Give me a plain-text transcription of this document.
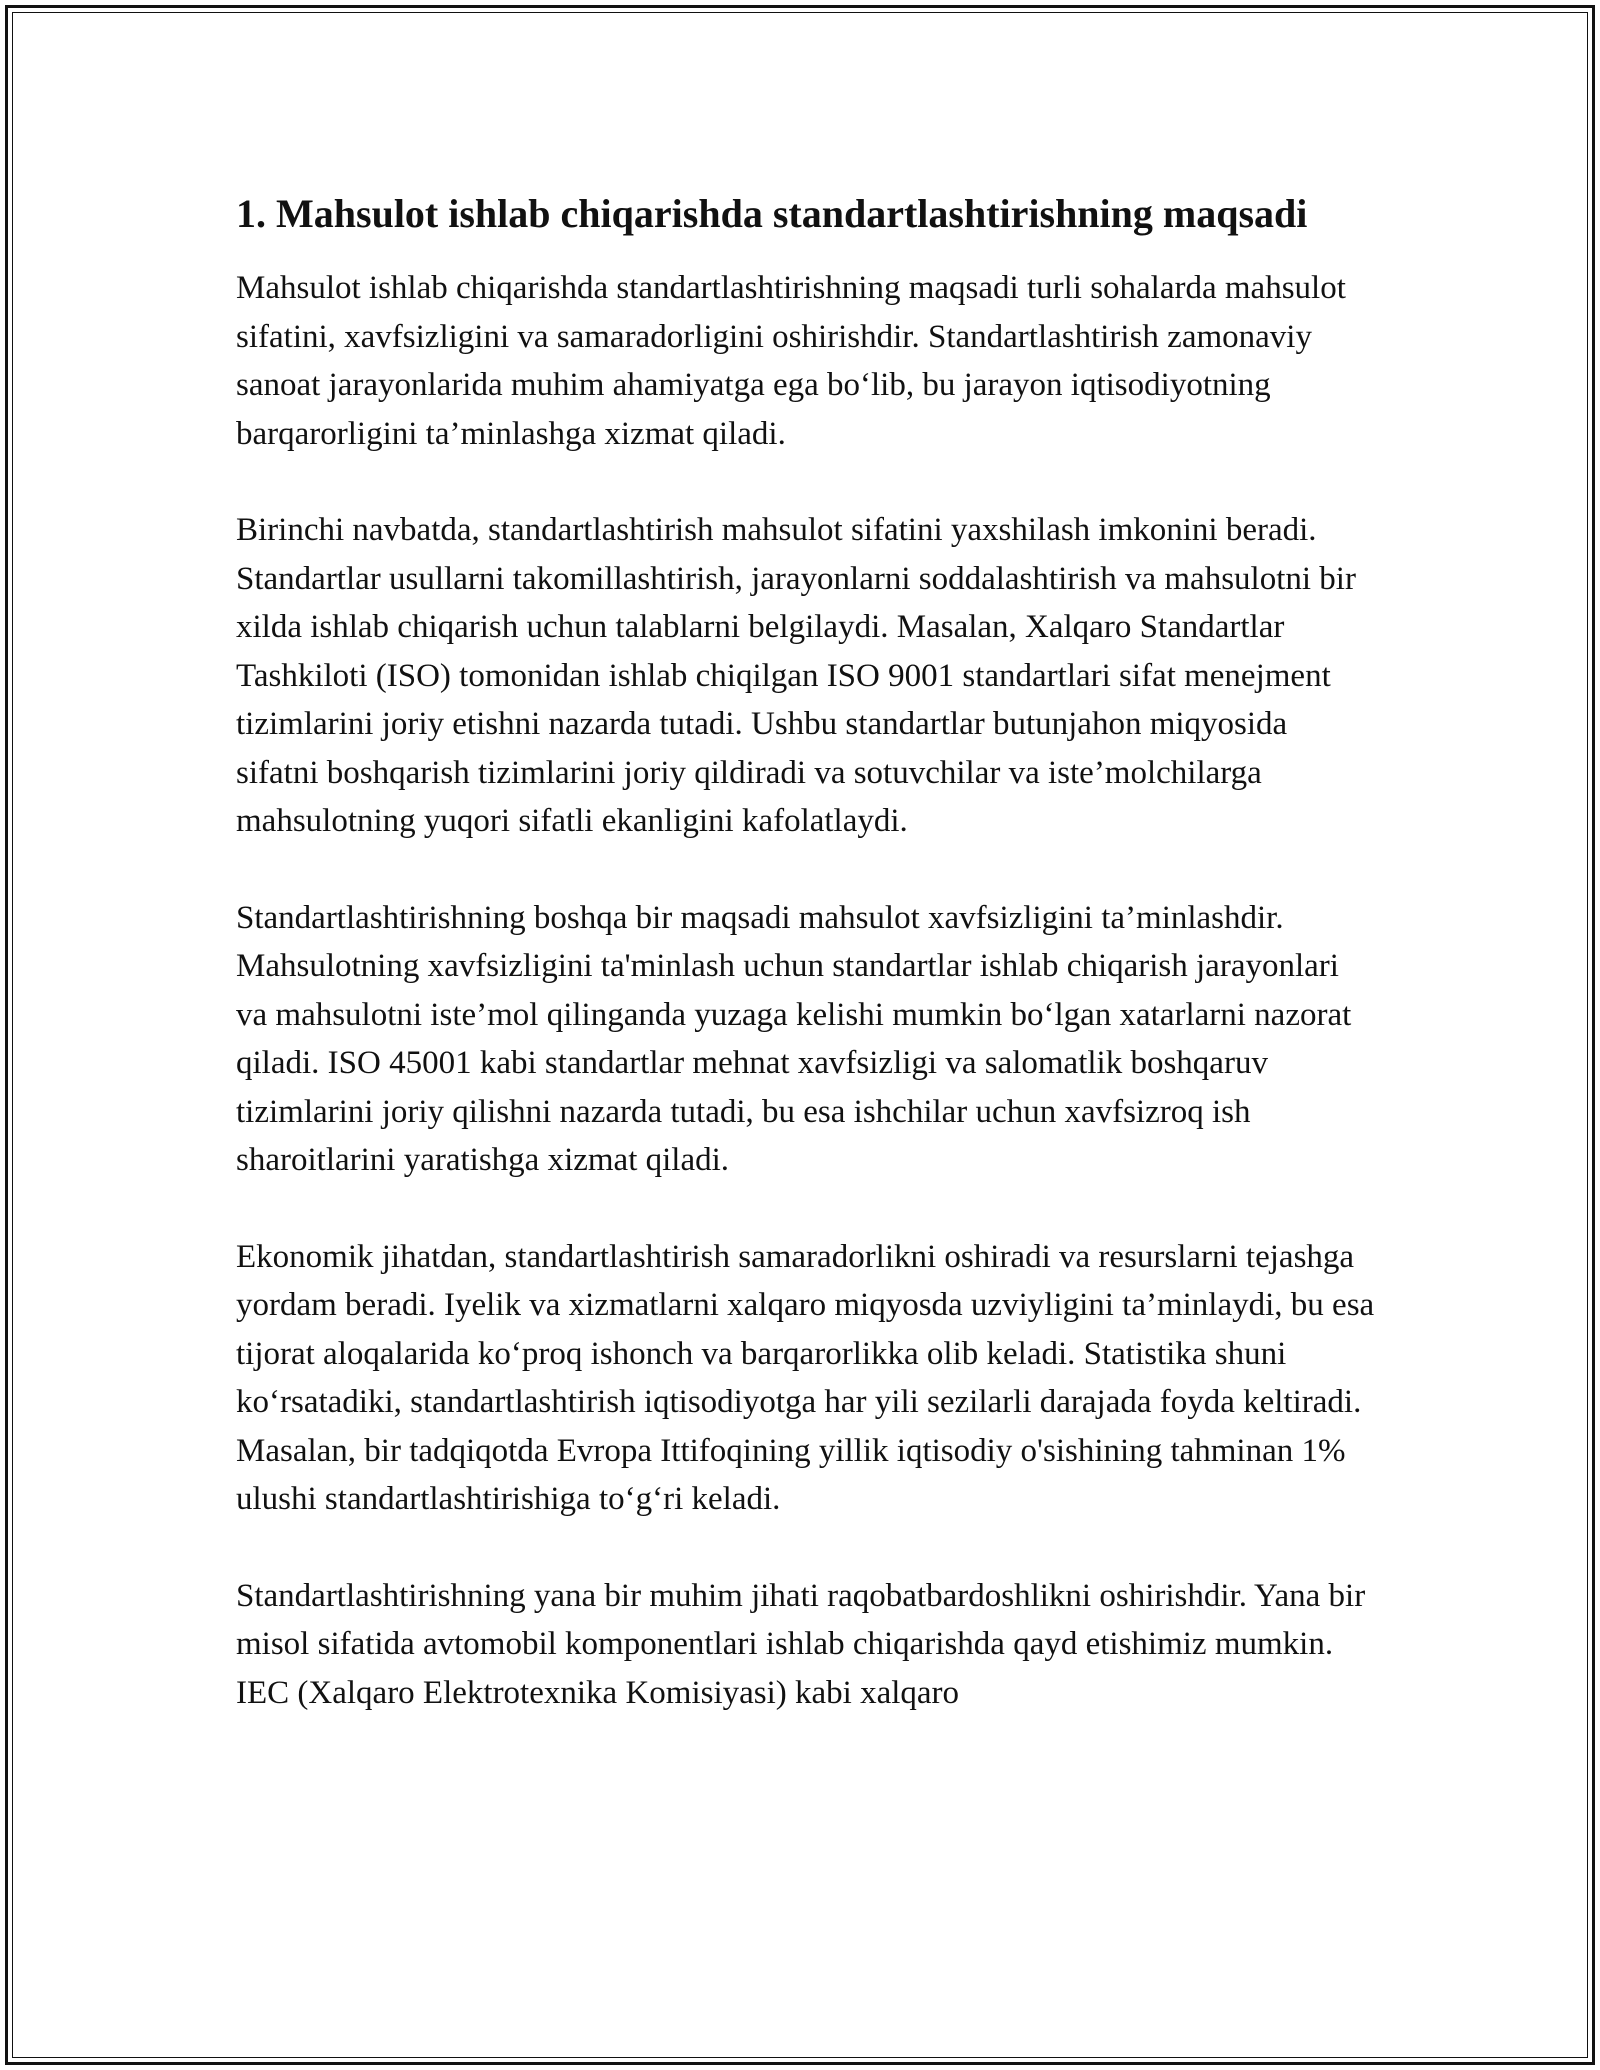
1. Mahsulot ishlab chiqarishda standartlashtirishning maqsadi

Mahsulot ishlab chiqarishda standartlashtirishning maqsadi turli sohalarda mahsulot sifatini, xavfsizligini va samaradorligini oshirishdir. Standartlashtirish zamonaviy sanoat jarayonlarida muhim ahamiyatga ega bo‘lib, bu jarayon iqtisodiyotning barqarorligini ta’minlashga xizmat qiladi.

Birinchi navbatda, standartlashtirish mahsulot sifatini yaxshilash imkonini beradi. Standartlar usullarni takomillashtirish, jarayonlarni soddalashtirish va mahsulotni bir xilda ishlab chiqarish uchun talablarni belgilaydi. Masalan, Xalqaro Standartlar Tashkiloti (ISO) tomonidan ishlab chiqilgan ISO 9001 standartlari sifat menejment tizimlarini joriy etishni nazarda tutadi. Ushbu standartlar butunjahon miqyosida sifatni boshqarish tizimlarini joriy qildiradi va sotuvchilar va iste’molchilarga mahsulotning yuqori sifatli ekanligini kafolatlaydi.

Standartlashtirishning boshqa bir maqsadi mahsulot xavfsizligini ta’minlashdir. Mahsulotning xavfsizligini ta'minlash uchun standartlar ishlab chiqarish jarayonlari va mahsulotni iste’mol qilinganda yuzaga kelishi mumkin bo‘lgan xatarlarni nazorat qiladi. ISO 45001 kabi standartlar mehnat xavfsizligi va salomatlik boshqaruv tizimlarini joriy qilishni nazarda tutadi, bu esa ishchilar uchun xavfsizroq ish sharoitlarini yaratishga xizmat qiladi.

Ekonomik jihatdan, standartlashtirish samaradorlikni oshiradi va resurslarni tejashga yordam beradi. Iyelik va xizmatlarni xalqaro miqyosda uzviyligini ta’minlaydi, bu esa tijorat aloqalarida ko‘proq ishonch va barqarorlikka olib keladi. Statistika shuni ko‘rsatadiki, standartlashtirish iqtisodiyotga har yili sezilarli darajada foyda keltiradi. Masalan, bir tadqiqotda Evropa Ittifoqining yillik iqtisodiy o'sishining tahminan 1% ulushi standartlashtirishiga to‘g‘ri keladi.

Standartlashtirishning yana bir muhim jihati raqobatbardoshlikni oshirishdir. Yana bir misol sifatida avtomobil komponentlari ishlab chiqarishda qayd etishimiz mumkin. IEC (Xalqaro Elektrotexnika Komisiyasi) kabi xalqaro
